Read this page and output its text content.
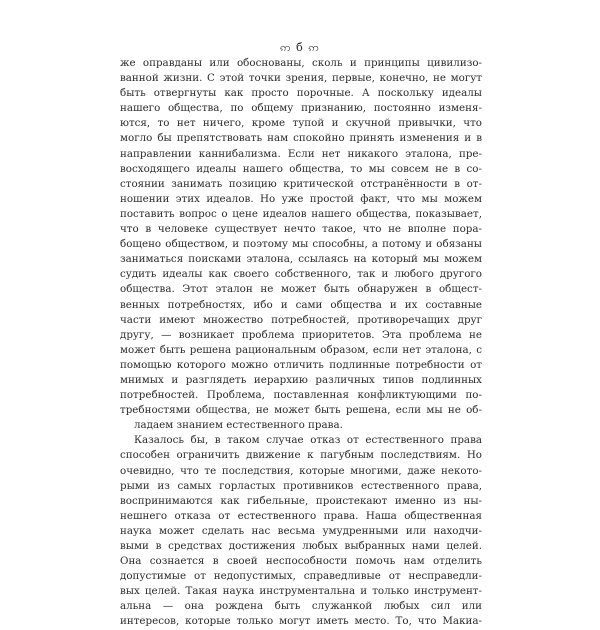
ဢ б ဢ
же оправданы или обоснованы, сколь и принципы цивилизо-
ванной жизни. С этой точки зрения, первые, конечно, не могут
быть отвергнуты как просто порочные. А поскольку идеалы
нашего общества, по общему признанию, постоянно изменя-
ются, то нет ничего, кроме тупой и скучной привычки, что
могло бы препятствовать нам спокойно принять изменения и в
направлении каннибализма. Если нет никакого эталона, пре-
восходящего идеалы нашего общества, то мы совсем не в со-
стоянии занимать позицию критической отстранённости в от-
ношении этих идеалов. Но уже простой факт, что мы можем
поставить вопрос о цене идеалов нашего общества, показывает,
что в человеке существует нечто такое, что не вполне пора-
бощено обществом, и поэтому мы способны, а потому и обязаны
заниматься поисками эталона, ссылаясь на который мы можем
судить идеалы как своего собственного, так и любого другого
общества. Этот эталон не может быть обнаружен в общест-
венных потребностях, ибо и сами общества и их составные
части имеют множество потребностей, противоречащих друг
другу, — возникает проблема приоритетов. Эта проблема не
может быть решена рациональным образом, если нет эталона, с
помощью которого можно отличить подлинные потребности от
мнимых и разглядеть иерархию различных типов подлинных
потребностей. Проблема, поставленная конфликтующими по-
требностями общества, не может быть решена, если мы не об-
ладаем знанием естественного права.
Казалось бы, в таком случае отказ от естественного права
способен ограничить движение к пагубным последствиям. Но
очевидно, что те последствия, которые многими, даже некото-
рыми из самых горластых противников естественного права,
воспринимаются как гибельные, проистекают именно из ны-
нешнего отказа от естественного права. Наша общественная
наука может сделать нас весьма умудренными или находчи-
выми в средствах достижения любых выбранных нами целей.
Она сознается в своей неспособности помочь нам отделить
допустимые от недопустимых, справедливые от несправедли-
вых целей. Такая наука инструментальна и только инструмент-
альна — она рождена быть служанкой любых сил или
интересов, которые только могут иметь место. То, что Макиа-
